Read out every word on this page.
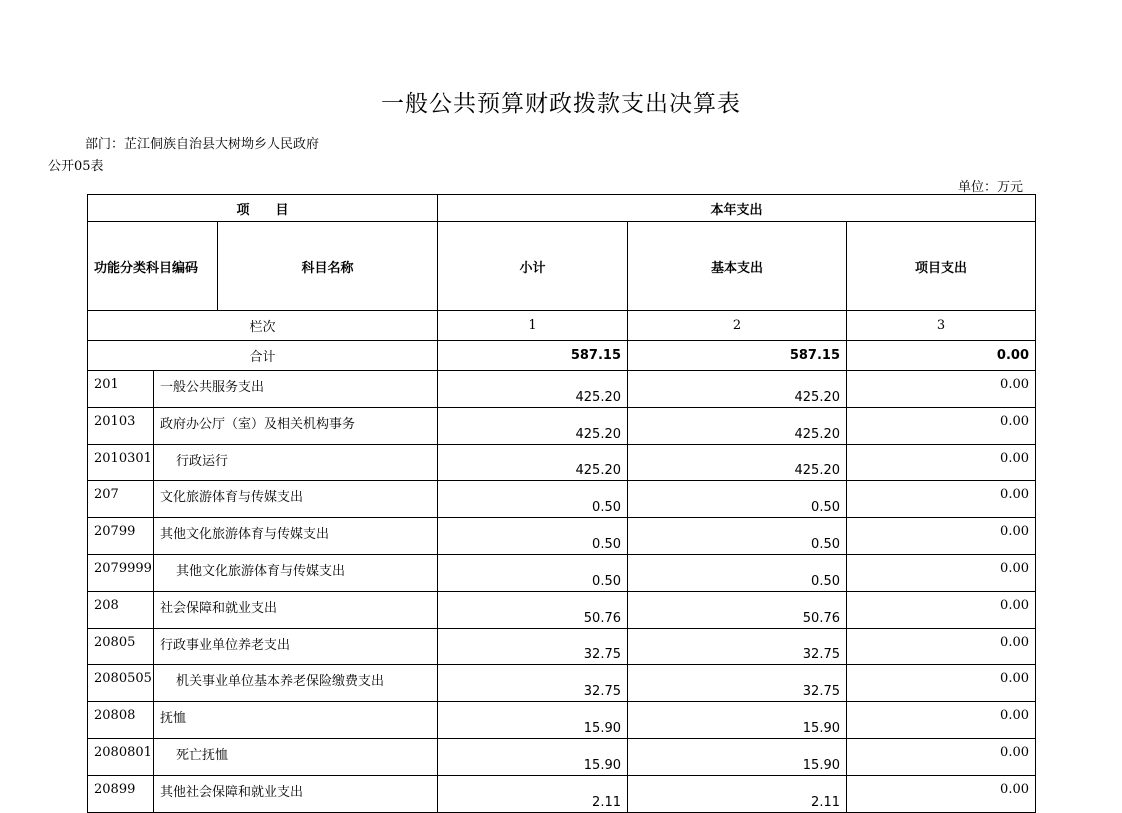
一般公共预算财政拨款支出决算表
部门：芷江侗族自治县大树坳乡人民政府
公开05表
单位：万元
项　　目			本年支出		
功能分类科目编码		科目名称	小计	基本支出	项目支出
栏次			1	2	3
合计			587.15	587.15	0.00
201	一般公共服务支出		425.20	425.20	0.00
20103	政府办公厅（室）及相关机构事务		425.20	425.20	0.00
2010301	行政运行		425.20	425.20	0.00
207	文化旅游体育与传媒支出		0.50	0.50	0.00
20799	其他文化旅游体育与传媒支出		0.50	0.50	0.00
2079999	其他文化旅游体育与传媒支出		0.50	0.50	0.00
208	社会保障和就业支出		50.76	50.76	0.00
20805	行政事业单位养老支出		32.75	32.75	0.00
2080505	机关事业单位基本养老保险缴费支出		32.75	32.75	0.00
20808	抚恤		15.90	15.90	0.00
2080801	死亡抚恤		15.90	15.90	0.00
20899	其他社会保障和就业支出		2.11	2.11	0.00
